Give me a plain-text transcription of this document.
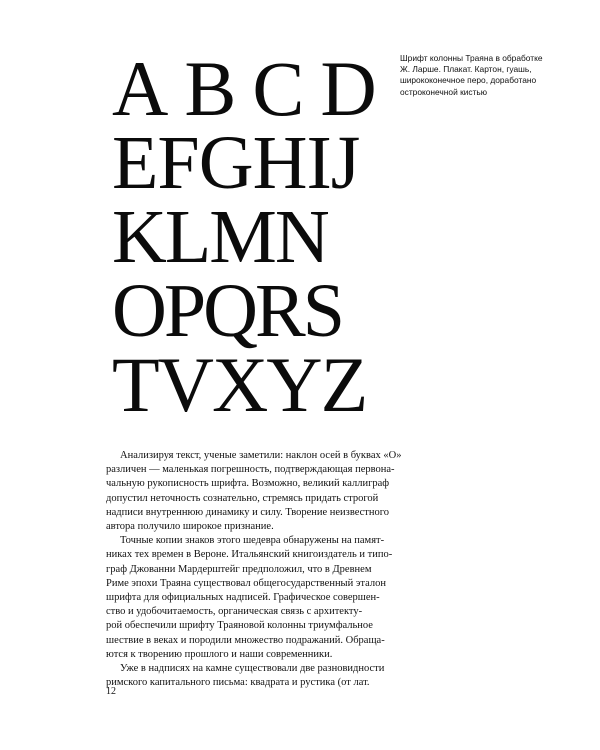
ABCD
EFGHIJ
KLMN
OPQRS
TVXYZ
Шрифт колонны Траяна в обработке Ж. Ларше. Плакат. Картон, гуашь, ширококонечное перо, доработано остроконечной кистью

Анализируя текст, ученые заметили: наклон осей в буквах «О»
различен — маленькая погрешность, подтверждающая первона-
чальную рукописность шрифта. Возможно, великий каллиграф
допустил неточность сознательно, стремясь придать строгой
надписи внутреннюю динамику и силу. Творение неизвестного
автора получило широкое признание.

Точные копии знаков этого шедевра обнаружены на памят-
никах тех времен в Вероне. Итальянский книгоиздатель и типо-
граф Джованни Мардерштейг предположил, что в Древнем
Риме эпохи Траяна существовал общегосударственный эталон
шрифта для официальных надписей. Графическое совершен-
ство и удобочитаемость, органическая связь с архитекту-
рой обеспечили шрифту Траяновой колонны триумфальное
шествие в веках и породили множество подражаний. Обраща-
ются к творению прошлого и наши современники.

Уже в надписях на камне существовали две разновидности
римского капитального письма: квадрата и рустика (от лат.

12
